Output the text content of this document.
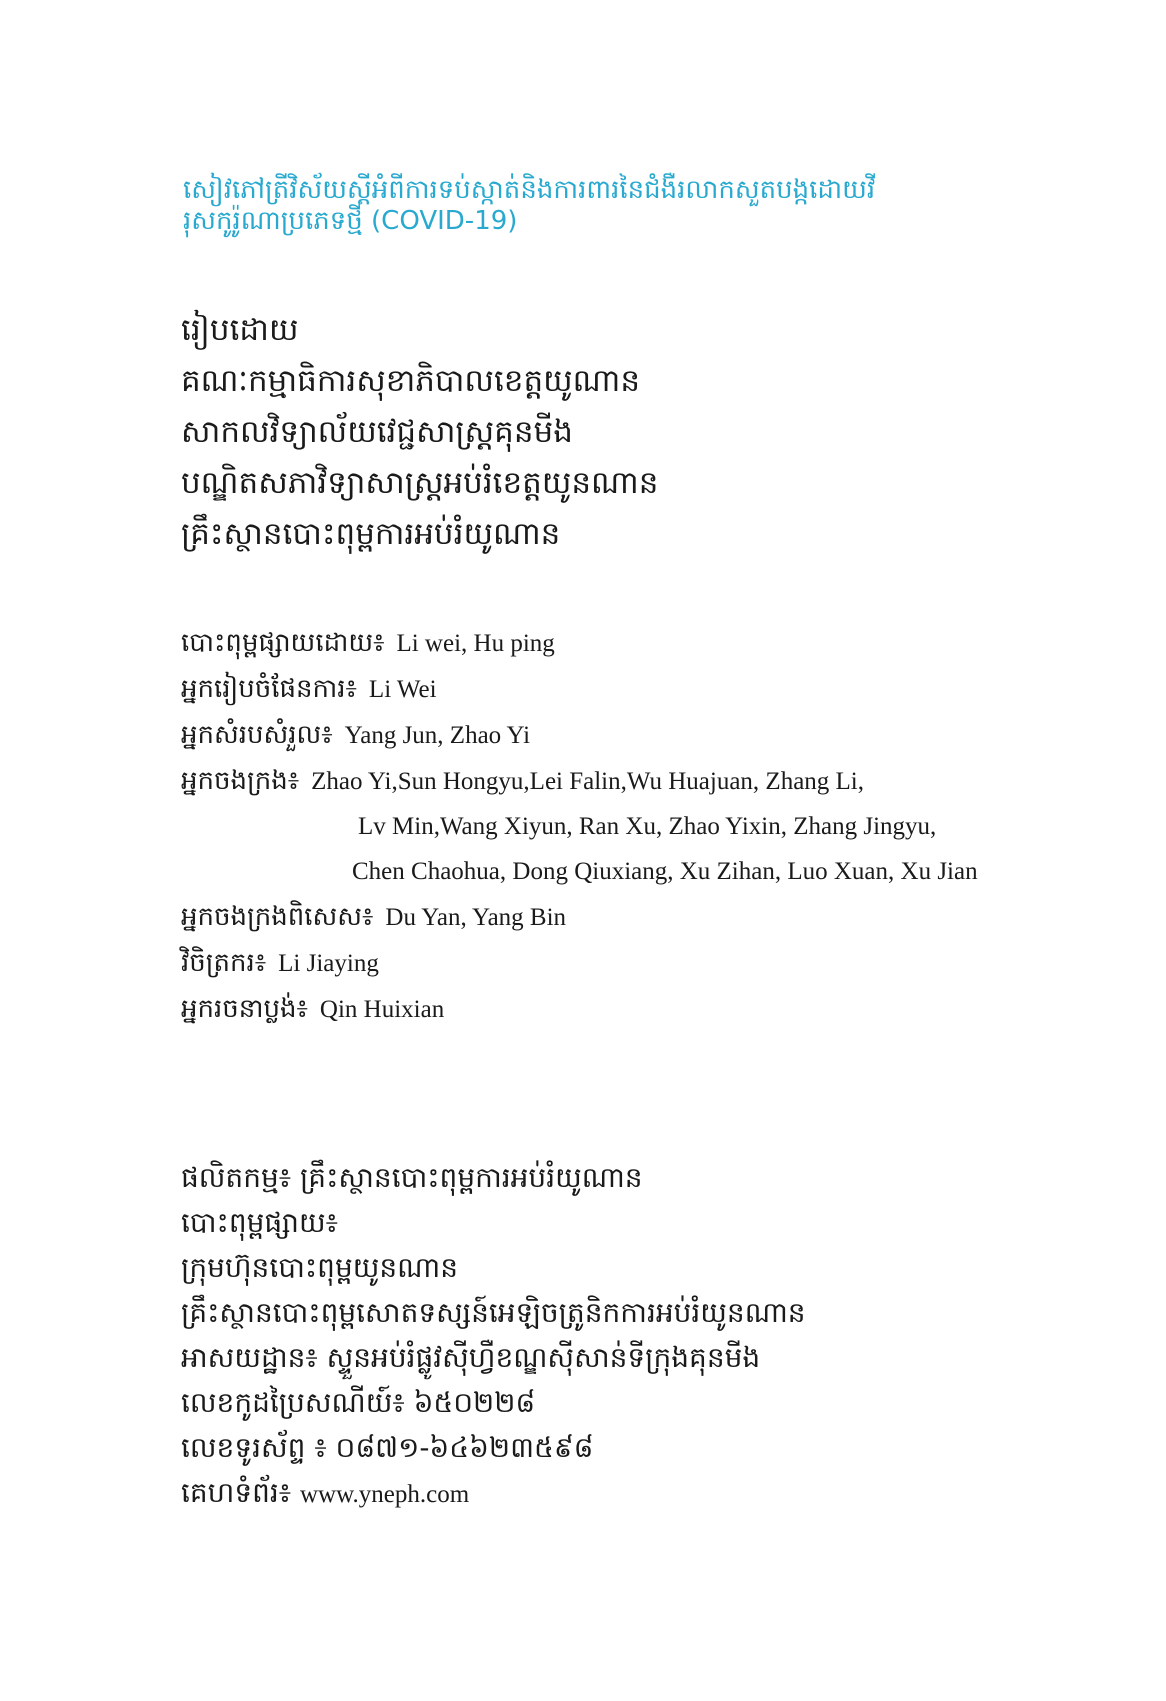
សៀវភៅត្រីវិស័យស្តីអំពីការទប់ស្កាត់និងការពារនៃជំងឺរលាកសួតបង្កដោយវី
រុសកូរ៉ូណាប្រភេទថ្មី (COVID-19)
រៀបដោយ
គណៈកម្មាធិការសុខាភិបាលខេត្តយូណាន
សាកលវិទ្យាល័យវេជ្ជសាស្ត្រគុនមីង
បណ្ឌិតសភាវិទ្យាសាស្ត្រអប់រំខេត្តយូនណាន
គ្រឹះស្ថានបោះពុម្ពការអប់រំយូណាន
បោះពុម្ពផ្សាយដោយ៖ Li wei, Hu ping
អ្នករៀបចំផែនការ៖ Li Wei
អ្នកសំរបសំរួល៖ Yang Jun, Zhao Yi
អ្នកចងក្រង៖ Zhao Yi,Sun Hongyu,Lei Falin,Wu Huajuan, Zhang Li,
Lv Min,Wang Xiyun, Ran Xu, Zhao Yixin, Zhang Jingyu,
Chen Chaohua, Dong Qiuxiang, Xu Zihan, Luo Xuan, Xu Jian
អ្នកចងក្រងពិសេស៖ Du Yan, Yang Bin
វិចិត្រករ៖ Li Jiaying
អ្នករចនាប្លង់៖ Qin Huixian
ផលិតកម្ម៖ គ្រឹះស្ថានបោះពុម្ពការអប់រំយូណាន
បោះពុម្ពផ្សាយ៖
ក្រុមហ៊ុនបោះពុម្ពយូនណាន
គ្រឹះស្ថានបោះពុម្ពសោតទស្សន៍អេឡិចត្រូនិកការអប់រំយូនណាន
អាសយដ្ឋាន៖ ស្ទួនអប់រំផ្លូវស៊ីហ្វឺខណ្ឌស៊ីសាន់ទីក្រុងគុនមីង
លេខកូដប្រៃសណីយ៍៖ ៦៥០២២៨
លេខទូរស័ព្ទ ៖ ០៨៧១-៦៤៦២៣៥៩៨
គេហទំព័រ៖ www.yneph.com
